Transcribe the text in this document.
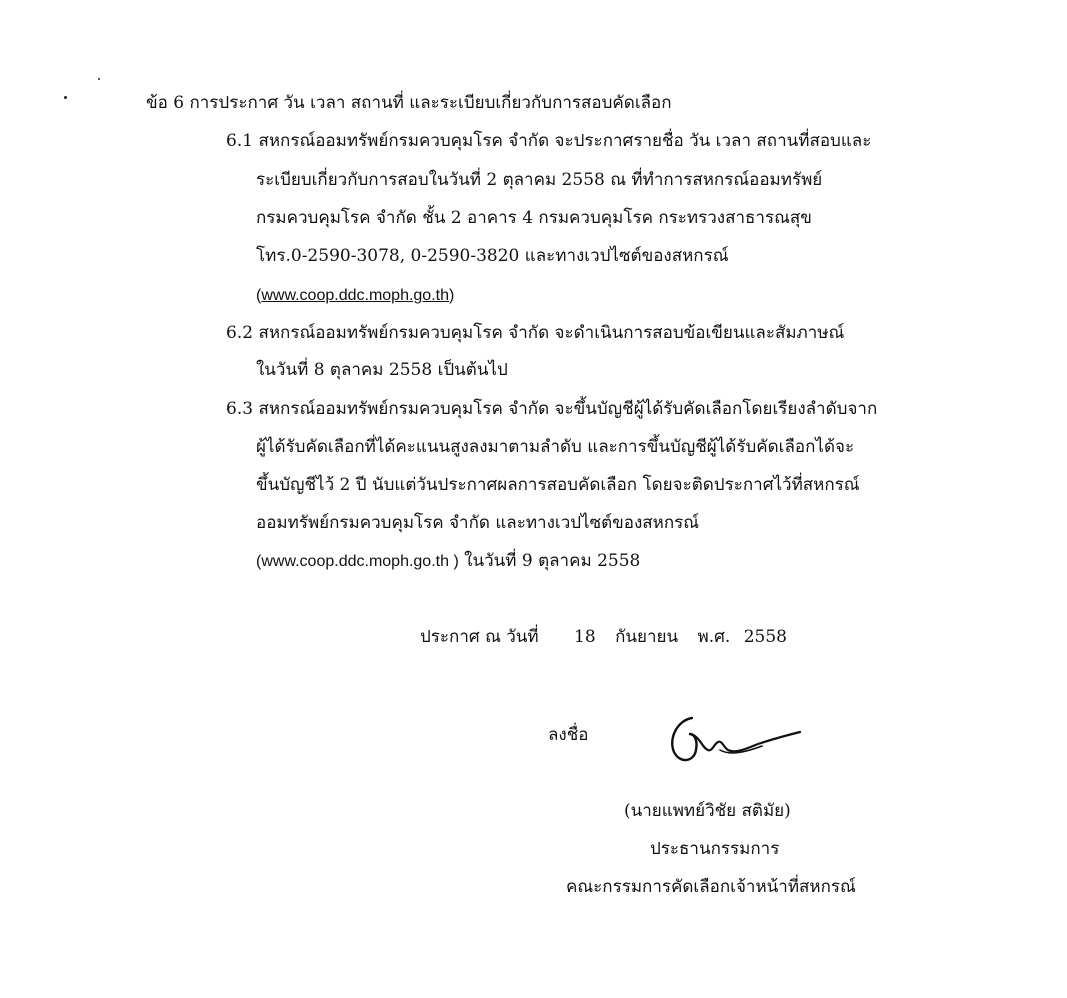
ข้อ 6 การประกาศ วัน เวลา สถานที่ และระเบียบเกี่ยวกับการสอบคัดเลือก
6.1 สหกรณ์ออมทรัพย์กรมควบคุมโรค จำกัด จะประกาศรายชื่อ วัน เวลา สถานที่สอบและ
ระเบียบเกี่ยวกับการสอบในวันที่ 2 ตุลาคม 2558 ณ ที่ทำการสหกรณ์ออมทรัพย์
กรมควบคุมโรค จำกัด ชั้น 2 อาคาร 4 กรมควบคุมโรค กระทรวงสาธารณสุข
โทร.0-2590-3078, 0-2590-3820 และทางเวปไซต์ของสหกรณ์
(www.coop.ddc.moph.go.th)
6.2 สหกรณ์ออมทรัพย์กรมควบคุมโรค จำกัด จะดำเนินการสอบข้อเขียนและสัมภาษณ์
ในวันที่ 8 ตุลาคม 2558 เป็นต้นไป
6.3 สหกรณ์ออมทรัพย์กรมควบคุมโรค จำกัด จะขึ้นบัญชีผู้ได้รับคัดเลือกโดยเรียงลำดับจาก
ผู้ได้รับคัดเลือกที่ได้คะแนนสูงลงมาตามลำดับ และการขึ้นบัญชีผู้ได้รับคัดเลือกได้จะ
ขึ้นบัญชีไว้ 2 ปี นับแต่วันประกาศผลการสอบคัดเลือก โดยจะติดประกาศไว้ที่สหกรณ์
ออมทรัพย์กรมควบคุมโรค จำกัด และทางเวปไซต์ของสหกรณ์
(www.coop.ddc.moph.go.th ) ในวันที่ 9 ตุลาคม 2558
ประกาศ ณ วันที่ 18 กันยายน พ.ศ. 2558
ลงชื่อ
(นายแพทย์วิชัย สติมัย)
ประธานกรรมการ
คณะกรรมการคัดเลือกเจ้าหน้าที่สหกรณ์
